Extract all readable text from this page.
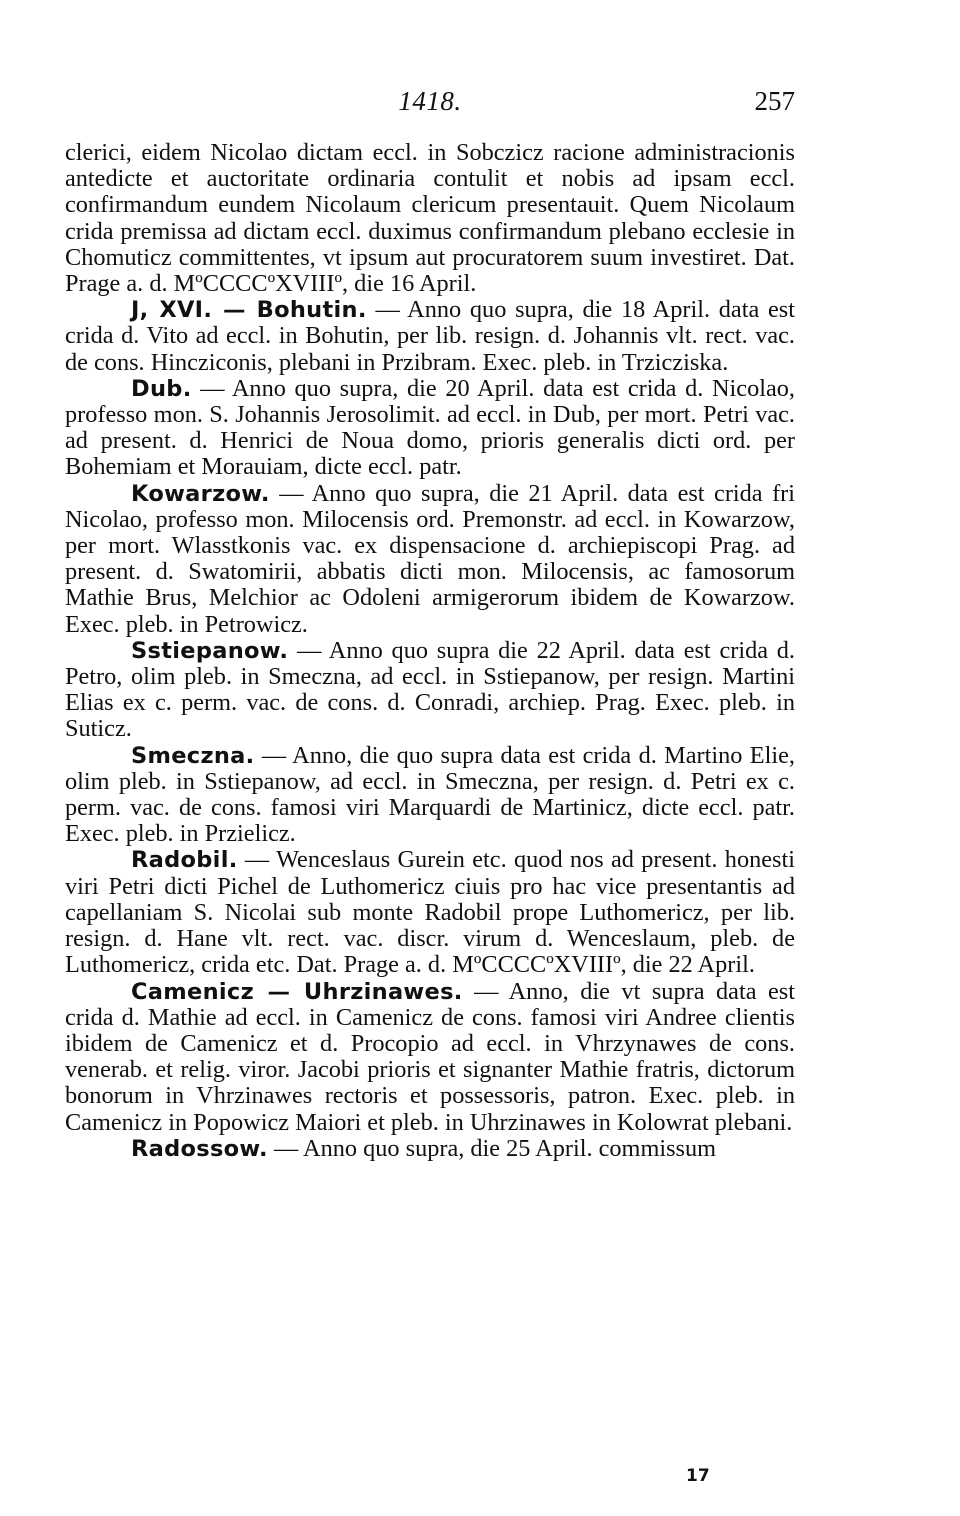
1418.	257

clerici, eidem Nicolao dictam eccl. in Sobczicz racione administracionis antedicte et auctoritate ordinaria contulit et nobis ad ipsam eccl. confirmandum eundem Nicolaum clericum presentauit. Quem Nicolaum crida premissa ad dictam eccl. duximus confirmandum plebano ecclesie in Chomuticz committentes, vt ipsum aut procuratorem suum investiret. Dat. Prage a. d. MºCCCCºXVIIIº, die 16 April.

J, XVI. — Bohutin. — Anno quo supra, die 18 April. data est crida d. Vito ad eccl. in Bohutin, per lib. resign. d. Johannis vlt. rect. vac. de cons. Hincziconis, plebani in Przibram. Exec. pleb. in Trzicziska.

Dub. — Anno quo supra, die 20 April. data est crida d. Nicolao, professo mon. S. Johannis Jerosolimit. ad eccl. in Dub, per mort. Petri vac. ad present. d. Henrici de Noua domo, prioris generalis dicti ord. per Bohemiam et Morauiam, dicte eccl. patr.

Kowarzow. — Anno quo supra, die 21 April. data est crida fri Nicolao, professo mon. Milocensis ord. Premonstr. ad eccl. in Kowarzow, per mort. Wlasstkonis vac. ex dispensacione d. archiepiscopi Prag. ad present. d. Swatomirii, abbatis dicti mon. Milocensis, ac famosorum Mathie Brus, Melchior ac Odoleni armigerorum ibidem de Kowarzow. Exec. pleb. in Petrowicz.

Sstiepanow. — Anno quo supra die 22 April. data est crida d. Petro, olim pleb. in Smeczna, ad eccl. in Sstiepanow, per resign. Martini Elias ex c. perm. vac. de cons. d. Conradi, archiep. Prag. Exec. pleb. in Suticz.

Smeczna. — Anno, die quo supra data est crida d. Martino Elie, olim pleb. in Sstiepanow, ad eccl. in Smeczna, per resign. d. Petri ex c. perm. vac. de cons. famosi viri Marquardi de Martinicz, dicte eccl. patr. Exec. pleb. in Przielicz.

Radobil. — Wenceslaus Gurein etc. quod nos ad present. honesti viri Petri dicti Pichel de Luthomericz ciuis pro hac vice presentantis ad capellaniam S. Nicolai sub monte Radobil prope Luthomericz, per lib. resign. d. Hane vlt. rect. vac. discr. virum d. Wenceslaum, pleb. de Luthomericz, crida etc. Dat. Prage a. d. MºCCCCºXVIIIº, die 22 April.

Camenicz — Uhrzinawes. — Anno, die vt supra data est crida d. Mathie ad eccl. in Camenicz de cons. famosi viri Andree clientis ibidem de Camenicz et d. Procopio ad eccl. in Vhrzynawes de cons. venerab. et relig. viror. Jacobi prioris et signanter Mathie fratris, dictorum bonorum in Vhrzinawes rectoris et possessoris, patron. Exec. pleb. in Camenicz in Popowicz Maiori et pleb. in Uhrzinawes in Kolowrat plebani.

Radossow. — Anno quo supra, die 25 April. commissum

17
